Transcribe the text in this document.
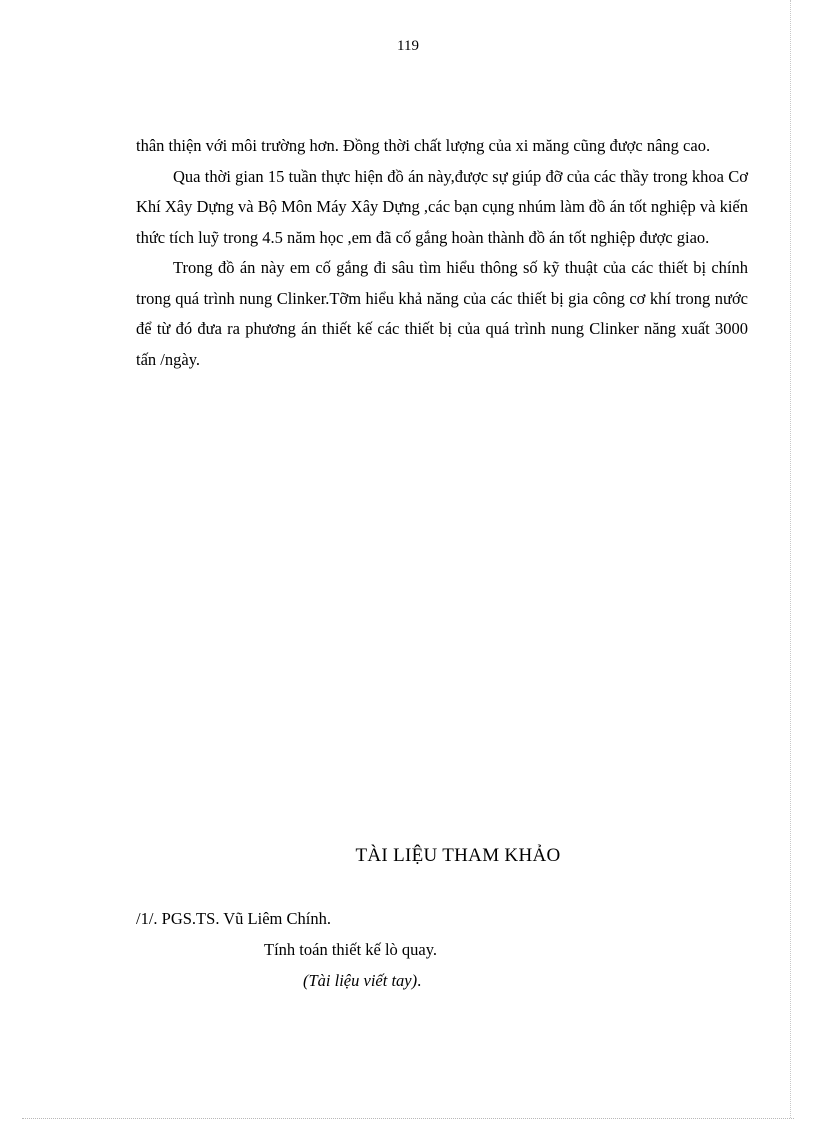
119

thân thiện với môi trường hơn. Đồng thời chất lượng của xi măng cũng được nâng cao.

Qua thời gian 15 tuần thực hiện đồ án này,được sự giúp đỡ của các thầy trong khoa Cơ Khí Xây Dựng và Bộ Môn Máy Xây Dựng ,các bạn cụng nhúm làm đồ án tốt nghiệp và kiến thức tích luỹ trong 4.5 năm học ,em đã cố gắng hoàn thành đồ án tốt nghiệp được giao.

Trong đồ án này em cố gắng đi sâu tìm hiểu thông số kỹ thuật của các thiết bị chính trong quá trình nung Clinker.Tỡm hiểu khả năng của các thiết bị gia công cơ khí trong nước để từ đó đưa ra phương án thiết kế các thiết bị của quá trình nung Clinker năng xuất 3000 tấn /ngày.

TÀI LIỆU THAM KHẢO
/1/. PGS.TS. Vũ Liêm Chính.
Tính toán thiết kế lò quay.
(Tài liệu viết tay).
